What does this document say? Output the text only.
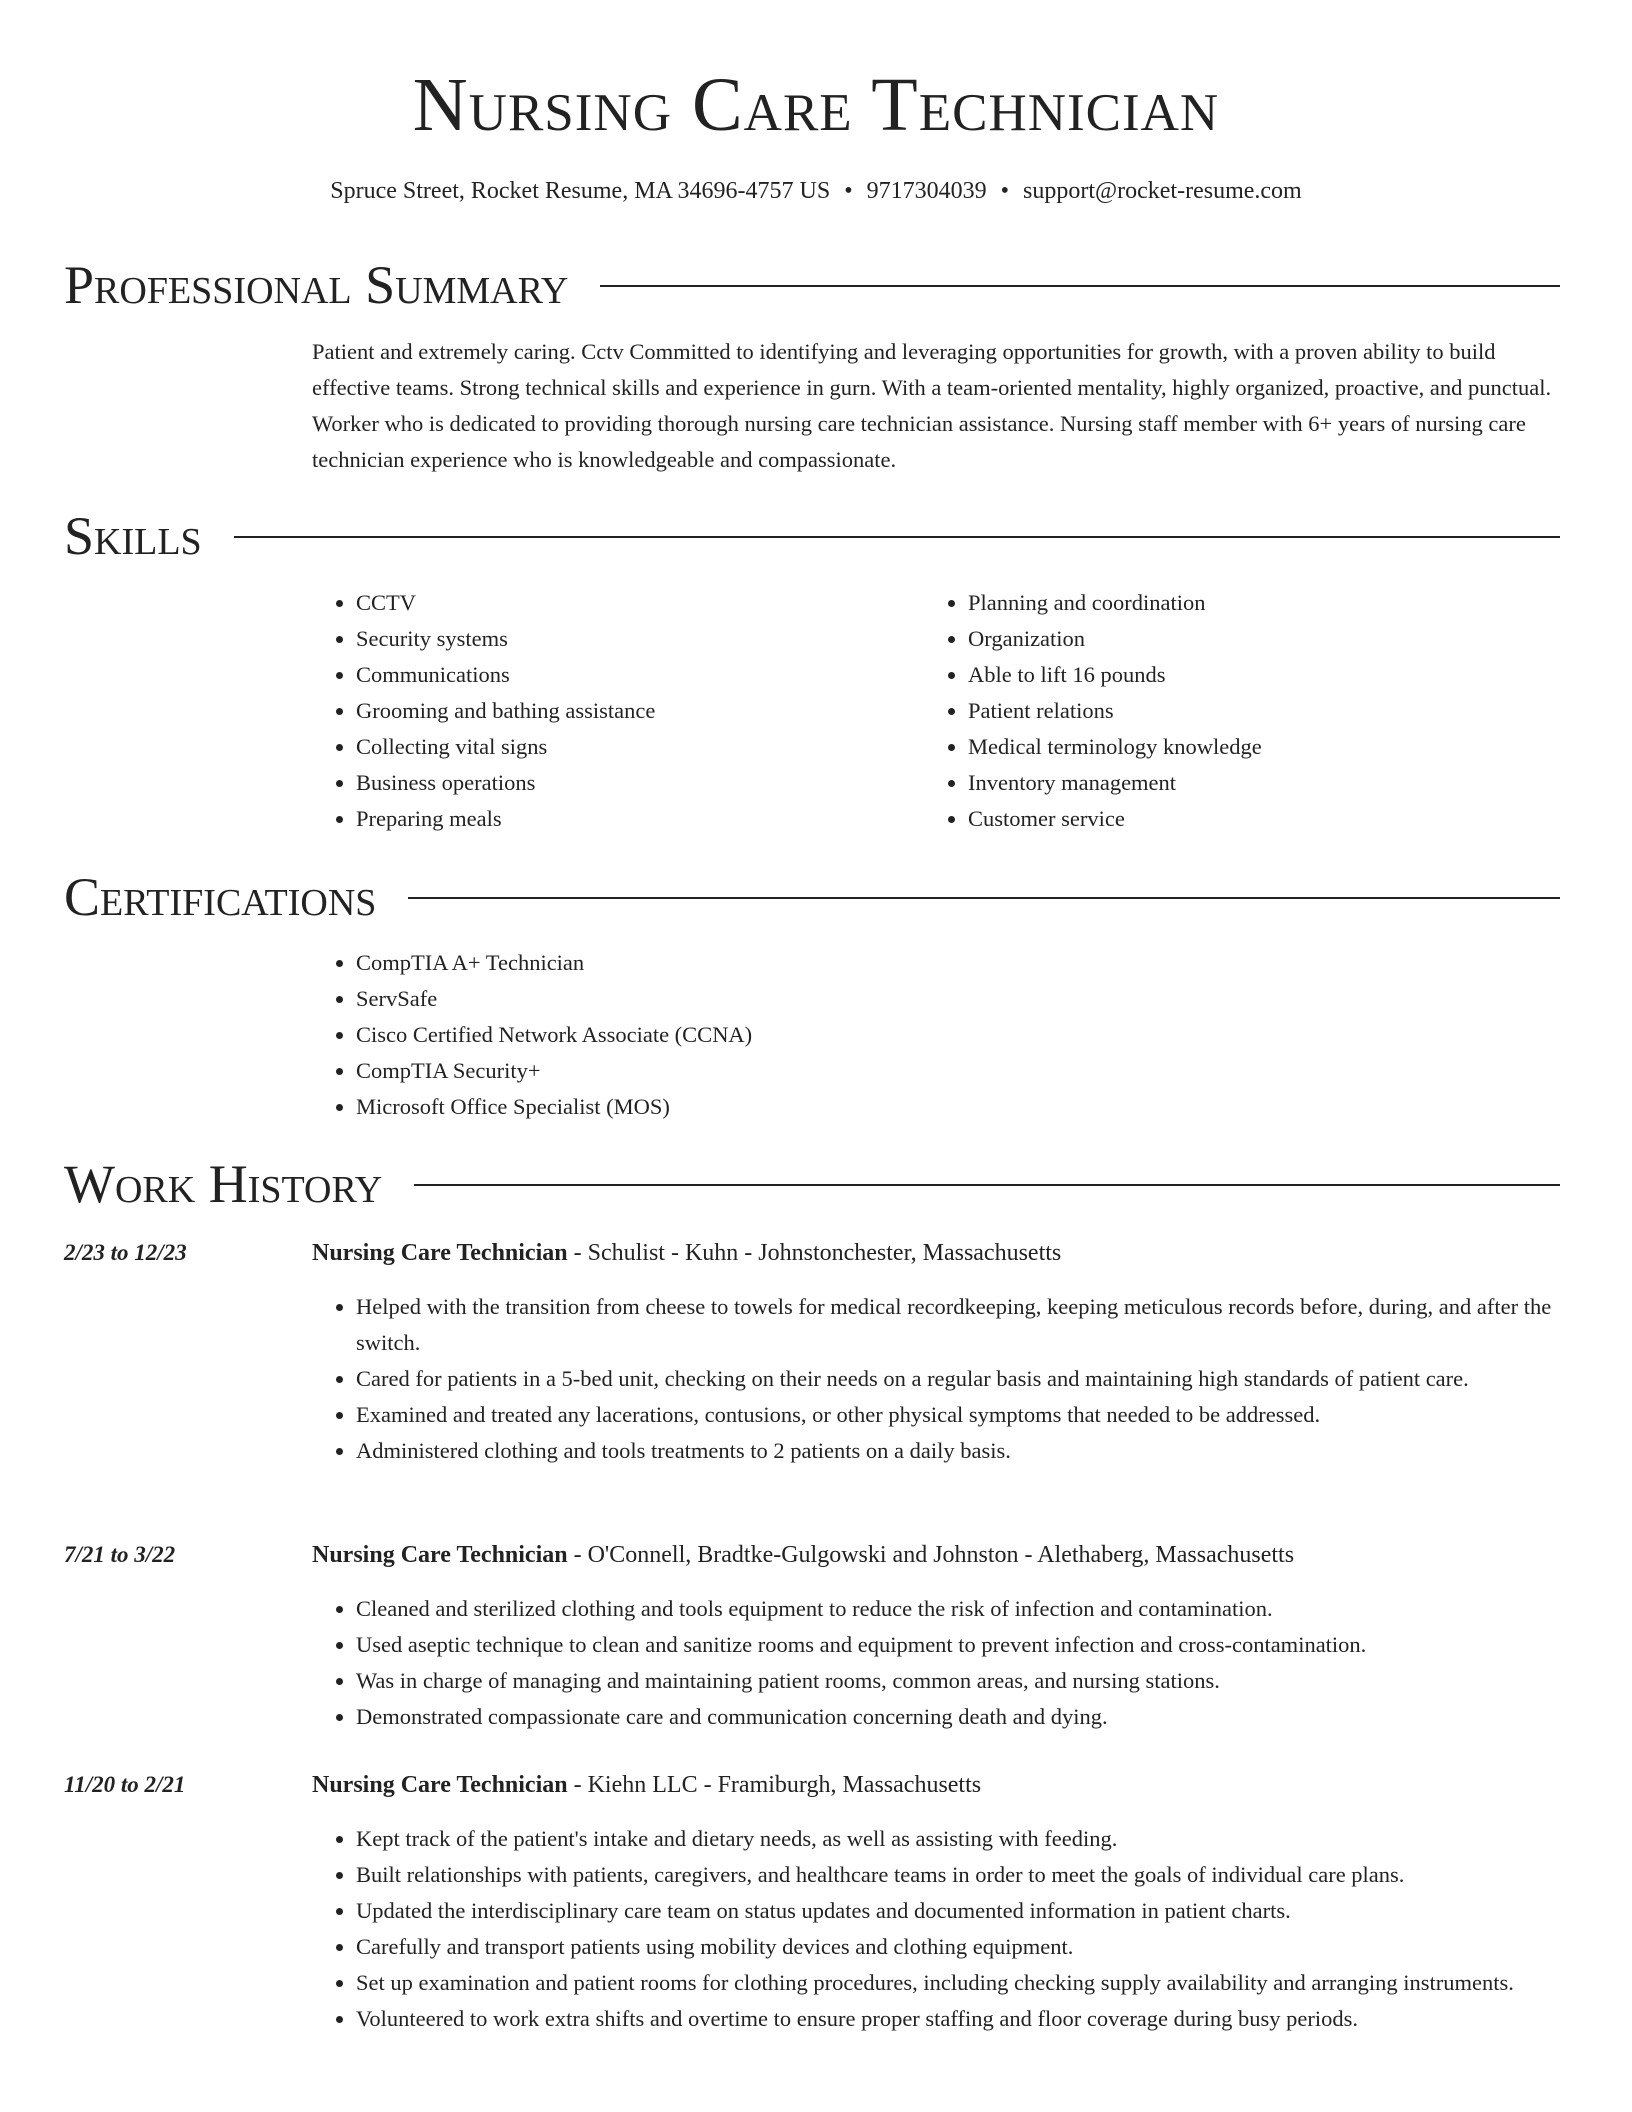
Nursing Care Technician

Spruce Street, Rocket Resume, MA 34696-4757 US • 9717304039 • support@rocket-resume.com

Professional Summary

Patient and extremely caring. Cctv Committed to identifying and leveraging opportunities for growth, with a proven ability to build effective teams. Strong technical skills and experience in gurn. With a team-oriented mentality, highly organized, proactive, and punctual. Worker who is dedicated to providing thorough nursing care technician assistance. Nursing staff member with 6+ years of nursing care technician experience who is knowledgeable and compassionate.

Skills
• CCTV
• Security systems
• Communications
• Grooming and bathing assistance
• Collecting vital signs
• Business operations
• Preparing meals
• Planning and coordination
• Organization
• Able to lift 16 pounds
• Patient relations
• Medical terminology knowledge
• Inventory management
• Customer service
Certifications
• CompTIA A+ Technician
• ServSafe
• Cisco Certified Network Associate (CCNA)
• CompTIA Security+
• Microsoft Office Specialist (MOS)
Work History
2/23 to 12/23	Nursing Care Technician - Schulist - Kuhn - Johnstonchester, Massachusetts
• Helped with the transition from cheese to towels for medical recordkeeping, keeping meticulous records before, during, and after the switch.
• Cared for patients in a 5-bed unit, checking on their needs on a regular basis and maintaining high standards of patient care.
• Examined and treated any lacerations, contusions, or other physical symptoms that needed to be addressed.
• Administered clothing and tools treatments to 2 patients on a daily basis.
7/21 to 3/22	Nursing Care Technician - O'Connell, Bradtke-Gulgowski and Johnston - Alethaberg, Massachusetts
• Cleaned and sterilized clothing and tools equipment to reduce the risk of infection and contamination.
• Used aseptic technique to clean and sanitize rooms and equipment to prevent infection and cross-contamination.
• Was in charge of managing and maintaining patient rooms, common areas, and nursing stations.
• Demonstrated compassionate care and communication concerning death and dying.
11/20 to 2/21	Nursing Care Technician - Kiehn LLC - Framiburgh, Massachusetts
• Kept track of the patient's intake and dietary needs, as well as assisting with feeding.
• Built relationships with patients, caregivers, and healthcare teams in order to meet the goals of individual care plans.
• Updated the interdisciplinary care team on status updates and documented information in patient charts.
• Carefully and transport patients using mobility devices and clothing equipment.
• Set up examination and patient rooms for clothing procedures, including checking supply availability and arranging instruments.
• Volunteered to work extra shifts and overtime to ensure proper staffing and floor coverage during busy periods.
